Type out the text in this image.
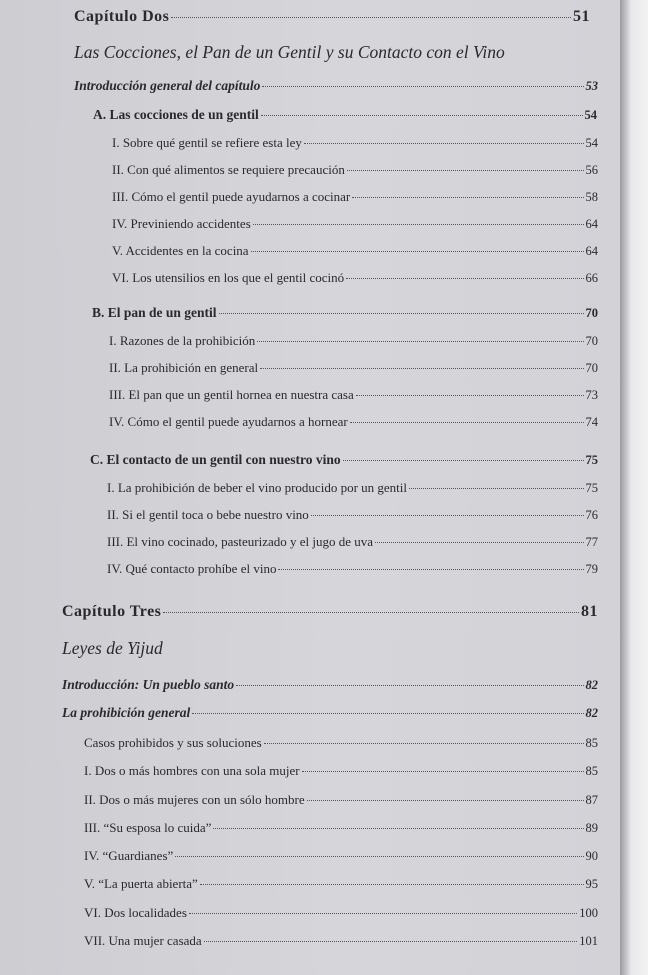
Capítulo Dos	51
Las Cocciones, el Pan de un Gentil y su Contacto con el Vino
Introducción general del capítulo	53
A. Las cocciones de un gentil	54
I. Sobre qué gentil se refiere esta ley	54
II. Con qué alimentos se requiere precaución	56
III. Cómo el gentil puede ayudarnos a cocinar	58
IV. Previniendo accidentes	64
V. Accidentes en la cocina	64
VI. Los utensilios en los que el gentil cocinó	66
B. El pan de un gentil	70
I. Razones de la prohibición	70
II. La prohibición en general	70
III. El pan que un gentil hornea en nuestra casa	73
IV. Cómo el gentil puede ayudarnos a hornear	74
C. El contacto de un gentil con nuestro vino	75
I. La prohibición de beber el vino producido por un gentil	75
II. Si el gentil toca o bebe nuestro vino	76
III. El vino cocinado, pasteurizado y el jugo de uva	77
IV. Qué contacto prohíbe el vino	79
Capítulo Tres	81
Leyes de Yijud
Introducción: Un pueblo santo	82
La prohibición general	82
Casos prohibidos y sus soluciones	85
I. Dos o más hombres con una sola mujer	85
II. Dos o más mujeres con un sólo hombre	87
III. “Su esposa lo cuida”	89
IV. “Guardianes”	90
V. “La puerta abierta”	95
VI. Dos localidades	100
VII. Una mujer casada	101
